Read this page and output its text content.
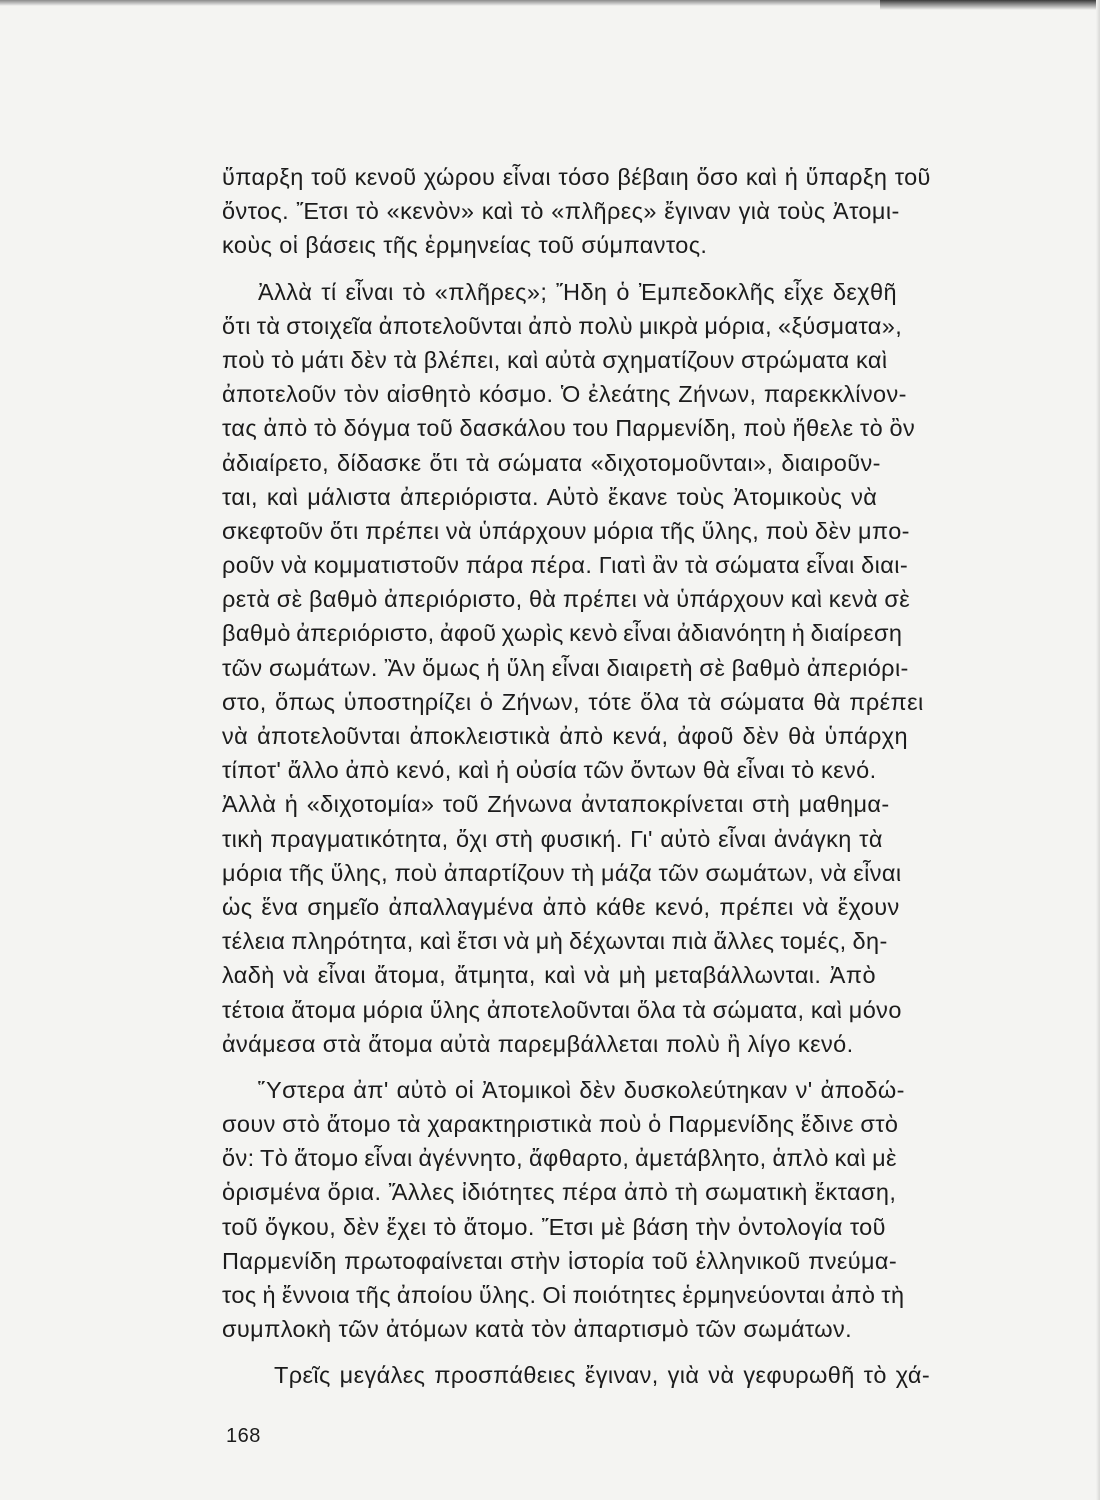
ὕπαρξη τοῦ κενοῦ χώρου εἶναι τόσο βέβαιη ὅσο καὶ ἡ ὕπαρξη τοῦ
ὄντος. Ἔτσι τὸ «κενὸν» καὶ τὸ «πλῆρες» ἔγιναν γιὰ τοὺς Ἀτομι-
κοὺς οἱ βάσεις τῆς ἑρμηνείας τοῦ σύμπαντος.
Ἀλλὰ τί εἶναι τὸ «πλῆρες»; Ἤδη ὁ Ἐμπεδοκλῆς εἶχε δεχθῆ
ὅτι τὰ στοιχεῖα ἀποτελοῦνται ἀπὸ πολὺ μικρὰ μόρια, «ξύσματα»,
ποὺ τὸ μάτι δὲν τὰ βλέπει, καὶ αὐτὰ σχηματίζουν στρώματα καὶ
ἀποτελοῦν τὸν αἰσθητὸ κόσμο. Ὁ ἐλεάτης Ζήνων, παρεκκλίνον-
τας ἀπὸ τὸ δόγμα τοῦ δασκάλου του Παρμενίδη, ποὺ ἤθελε τὸ ὂν
ἀδιαίρετο, δίδασκε ὅτι τὰ σώματα «διχοτομοῦνται», διαιροῦν-
ται, καὶ μάλιστα ἀπεριόριστα. Αὐτὸ ἔκανε τοὺς Ἀτομικοὺς νὰ
σκεφτοῦν ὅτι πρέπει νὰ ὑπάρχουν μόρια τῆς ὕλης, ποὺ δὲν μπο-
ροῦν νὰ κομματιστοῦν πάρα πέρα. Γιατὶ ἂν τὰ σώματα εἶναι διαι-
ρετὰ σὲ βαθμὸ ἀπεριόριστο, θὰ πρέπει νὰ ὑπάρχουν καὶ κενὰ σὲ
βαθμὸ ἀπεριόριστο, ἀφοῦ χωρὶς κενὸ εἶναι ἀδιανόητη ἡ διαίρεση
τῶν σωμάτων. Ἂν ὅμως ἡ ὕλη εἶναι διαιρετὴ σὲ βαθμὸ ἀπεριόρι-
στο, ὅπως ὑποστηρίζει ὁ Ζήνων, τότε ὅλα τὰ σώματα θὰ πρέπει
νὰ ἀποτελοῦνται ἀποκλειστικὰ ἀπὸ κενά, ἀφοῦ δὲν θὰ ὑπάρχη
τίποτ' ἄλλο ἀπὸ κενό, καὶ ἡ οὐσία τῶν ὄντων θὰ εἶναι τὸ κενό.
Ἀλλὰ ἡ «διχοτομία» τοῦ Ζήνωνα ἀνταποκρίνεται στὴ μαθημα-
τικὴ πραγματικότητα, ὄχι στὴ φυσική. Γι' αὐτὸ εἶναι ἀνάγκη τὰ
μόρια τῆς ὕλης, ποὺ ἀπαρτίζουν τὴ μάζα τῶν σωμάτων, νὰ εἶναι
ὡς ἕνα σημεῖο ἀπαλλαγμένα ἀπὸ κάθε κενό, πρέπει νὰ ἔχουν
τέλεια πληρότητα, καὶ ἔτσι νὰ μὴ δέχωνται πιὰ ἄλλες τομές, δη-
λαδὴ νὰ εἶναι ἄτομα, ἄτμητα, καὶ νὰ μὴ μεταβάλλωνται. Ἀπὸ
τέτοια ἄτομα μόρια ὕλης ἀποτελοῦνται ὅλα τὰ σώματα, καὶ μόνο
ἀνάμεσα στὰ ἄτομα αὐτὰ παρεμβάλλεται πολὺ ἢ λίγο κενό.
Ὕστερα ἀπ' αὐτὸ οἱ Ἀτομικοὶ δὲν δυσκολεύτηκαν ν' ἀποδώ-
σουν στὸ ἄτομο τὰ χαρακτηριστικὰ ποὺ ὁ Παρμενίδης ἔδινε στὸ
ὄν: Τὸ ἄτομο εἶναι ἀγέννητο, ἄφθαρτο, ἀμετάβλητο, ἁπλὸ καὶ μὲ
ὁρισμένα ὅρια. Ἄλλες ἰδιότητες πέρα ἀπὸ τὴ σωματικὴ ἔκταση,
τοῦ ὄγκου, δὲν ἔχει τὸ ἄτομο. Ἔτσι μὲ βάση τὴν ὀντολογία τοῦ
Παρμενίδη πρωτοφαίνεται στὴν ἱστορία τοῦ ἑλληνικοῦ πνεύμα-
τος ἡ ἔννοια τῆς ἀποίου ὕλης. Οἱ ποιότητες ἑρμηνεύονται ἀπὸ τὴ
συμπλοκὴ τῶν ἀτόμων κατὰ τὸν ἀπαρτισμὸ τῶν σωμάτων.
Τρεῖς μεγάλες προσπάθειες ἔγιναν, γιὰ νὰ γεφυρωθῆ τὸ χά-
168
